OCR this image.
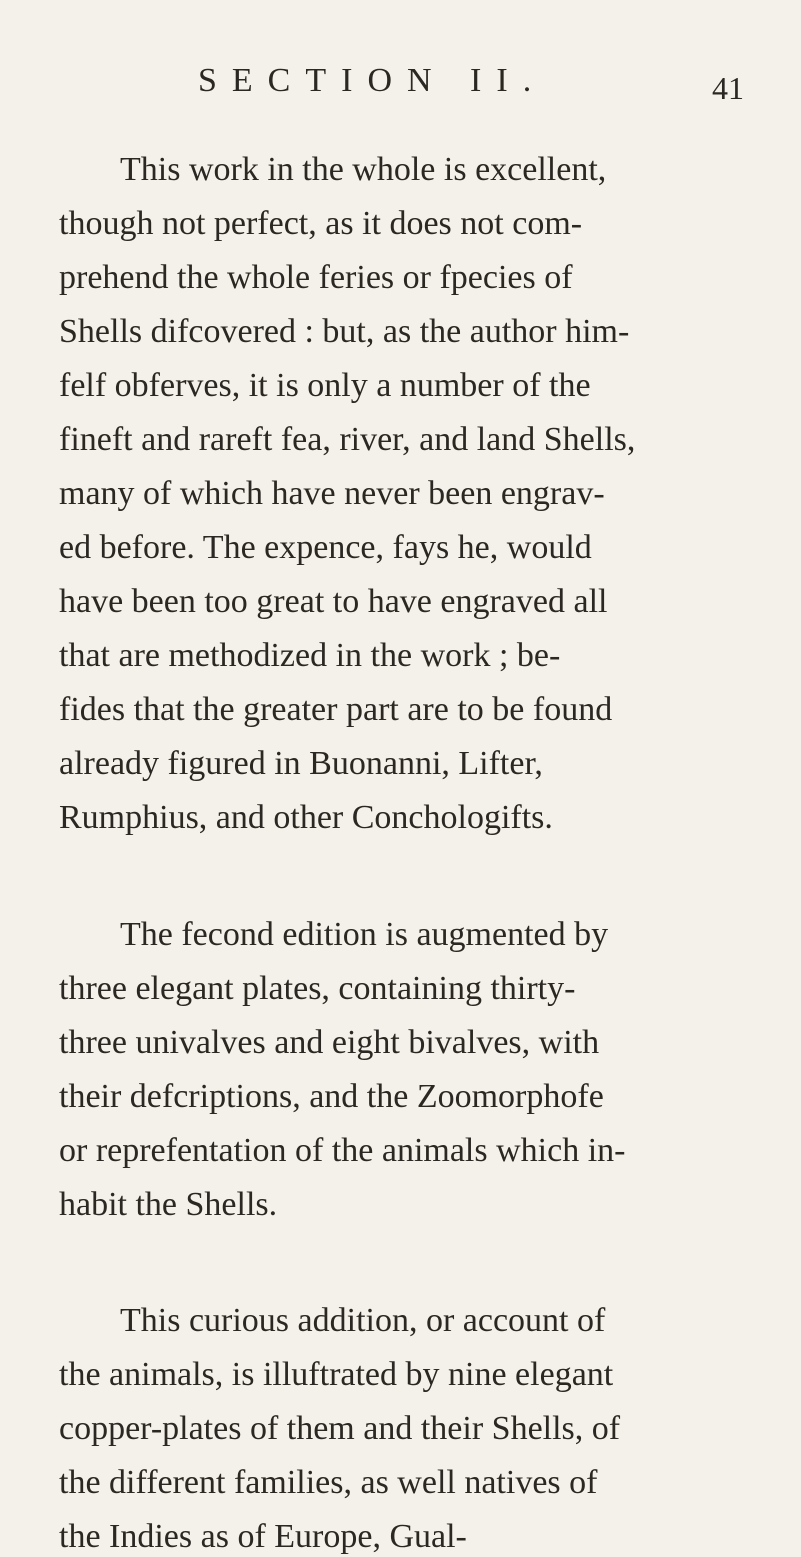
SECTION II.	41
This work in the whole is excellent,
though not perfect, as it does not com-
prehend the whole feries or fpecies of
Shells difcovered : but, as the author him-
felf obferves, it is only a number of the
fineft and rareft fea, river, and land Shells,
many of which have never been engrav-
ed before. The expence, fays he, would
have been too great to have engraved all
that are methodized in the work ; be-
fides that the greater part are to be found
already figured in Buonanni, Lifter,
Rumphius, and other Conchologifts.
The fecond edition is augmented by
three elegant plates, containing thirty-
three univalves and eight bivalves, with
their defcriptions, and the Zoomorphofe
or reprefentation of the animals which in-
habit the Shells.
This curious addition, or account of
the animals, is illuftrated by nine elegant
copper-plates of them and their Shells, of
the different families, as well natives of
the Indies as of Europe, Gual-
